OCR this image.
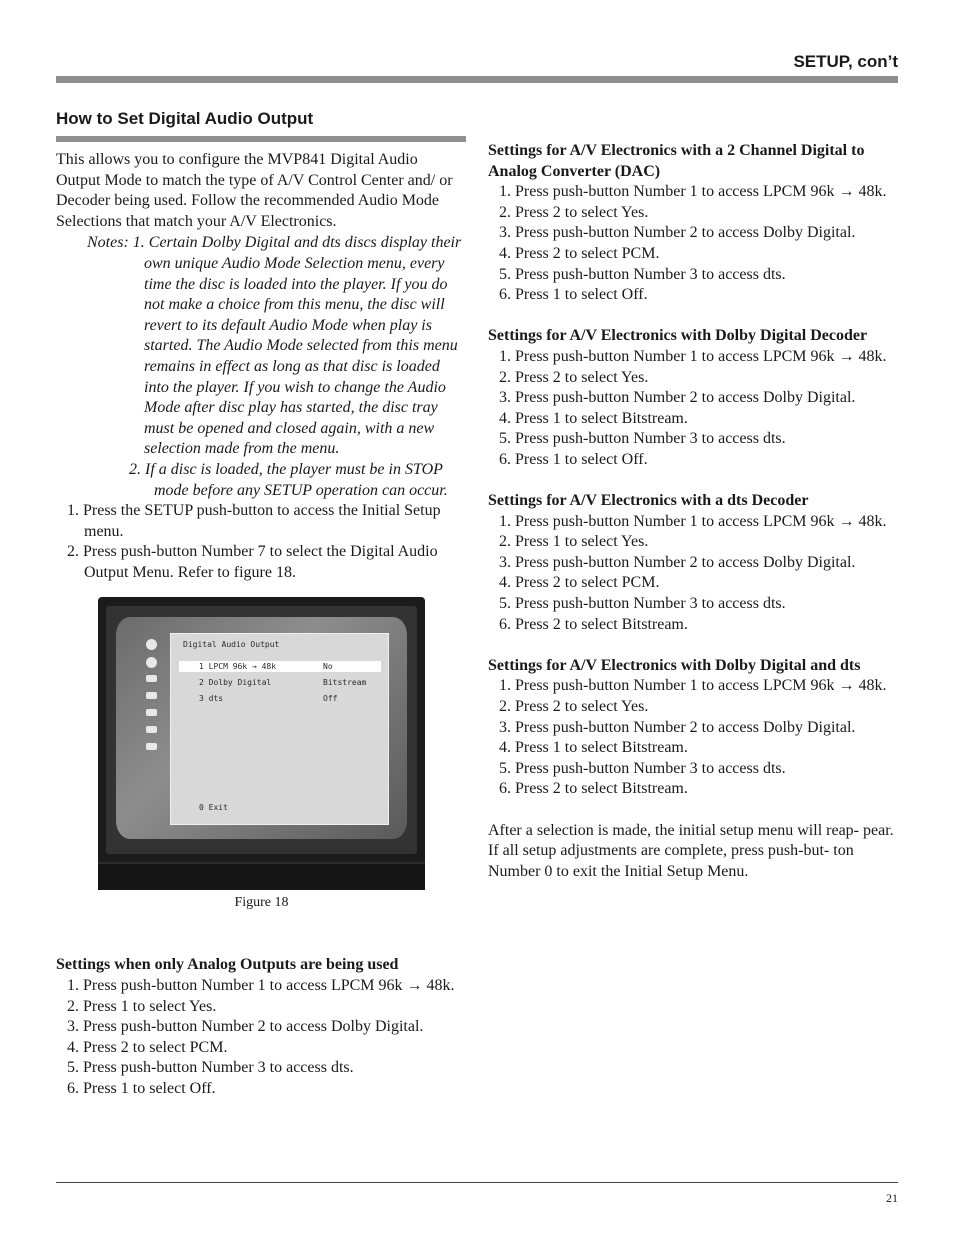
SETUP, con’t
How to Set Digital Audio Output

This allows you to configure the MVP841 Digital Audio Output Mode to match the type of A/V Control Center and/ or Decoder being used. Follow the recommended Audio Mode Selections that match your A/V Electronics.

Notes: 1. Certain Dolby Digital and dts discs display their own unique Audio Mode Selection menu, every time the disc is loaded into the player. If you do not make a choice from this menu, the disc will revert to its default Audio Mode when play is started. The Audio Mode selected from this menu remains in effect as long as that disc is loaded into the player. If you wish to change the Audio Mode after disc play has started, the disc tray must be opened and closed again, with a new selection made from the menu.

2. If a disc is loaded, the player must be in STOP mode before any SETUP operation can occur.

1. Press the SETUP push-button to access the Initial Setup menu.
2. Press push-button Number 7 to select the Digital Audio Output Menu. Refer to figure 18.
Digital Audio Output
1 LPCM 96k → 48k	No
2 Dolby Digital	Bitstream
3 dts	Off
0 Exit
Figure 18

Settings when only Analog Outputs are being used

1. Press push-button Number 1 to access LPCM 96k → 48k.
2. Press 1 to select Yes.
3. Press push-button Number 2 to access Dolby Digital.
4. Press 2 to select PCM.
5. Press push-button Number 3 to access dts.
6. Press 1 to select Off.

Settings for A/V Electronics with a 2 Channel Digital to Analog Converter (DAC)

1. Press push-button Number 1 to access LPCM 96k → 48k.
2. Press 2 to select Yes.
3. Press push-button Number 2 to access Dolby Digital.
4. Press 2 to select PCM.
5. Press push-button Number 3 to access dts.
6. Press 1 to select Off.

Settings for A/V Electronics with Dolby Digital Decoder

1. Press push-button Number 1 to access LPCM 96k → 48k.
2. Press 2 to select Yes.
3. Press push-button Number 2 to access Dolby Digital.
4. Press 1 to select Bitstream.
5. Press push-button Number 3 to access dts.
6. Press 1 to select Off.

Settings for A/V Electronics with a dts Decoder

1. Press push-button Number 1 to access LPCM 96k → 48k.
2. Press 1 to select Yes.
3. Press push-button Number 2 to access Dolby Digital.
4. Press 2 to select PCM.
5. Press push-button Number 3 to access dts.
6. Press 2 to select Bitstream.

Settings for A/V Electronics with Dolby Digital and dts

1. Press push-button Number 1 to access LPCM 96k → 48k.
2. Press 2 to select Yes.
3. Press push-button Number 2 to access Dolby Digital.
4. Press 1 to select Bitstream.
5. Press push-button Number 3 to access dts.
6. Press 2 to select Bitstream.

After a selection is made, the initial setup menu will reap- pear. If all setup adjustments are complete, press push-but- ton Number 0 to exit the Initial Setup Menu.

21
